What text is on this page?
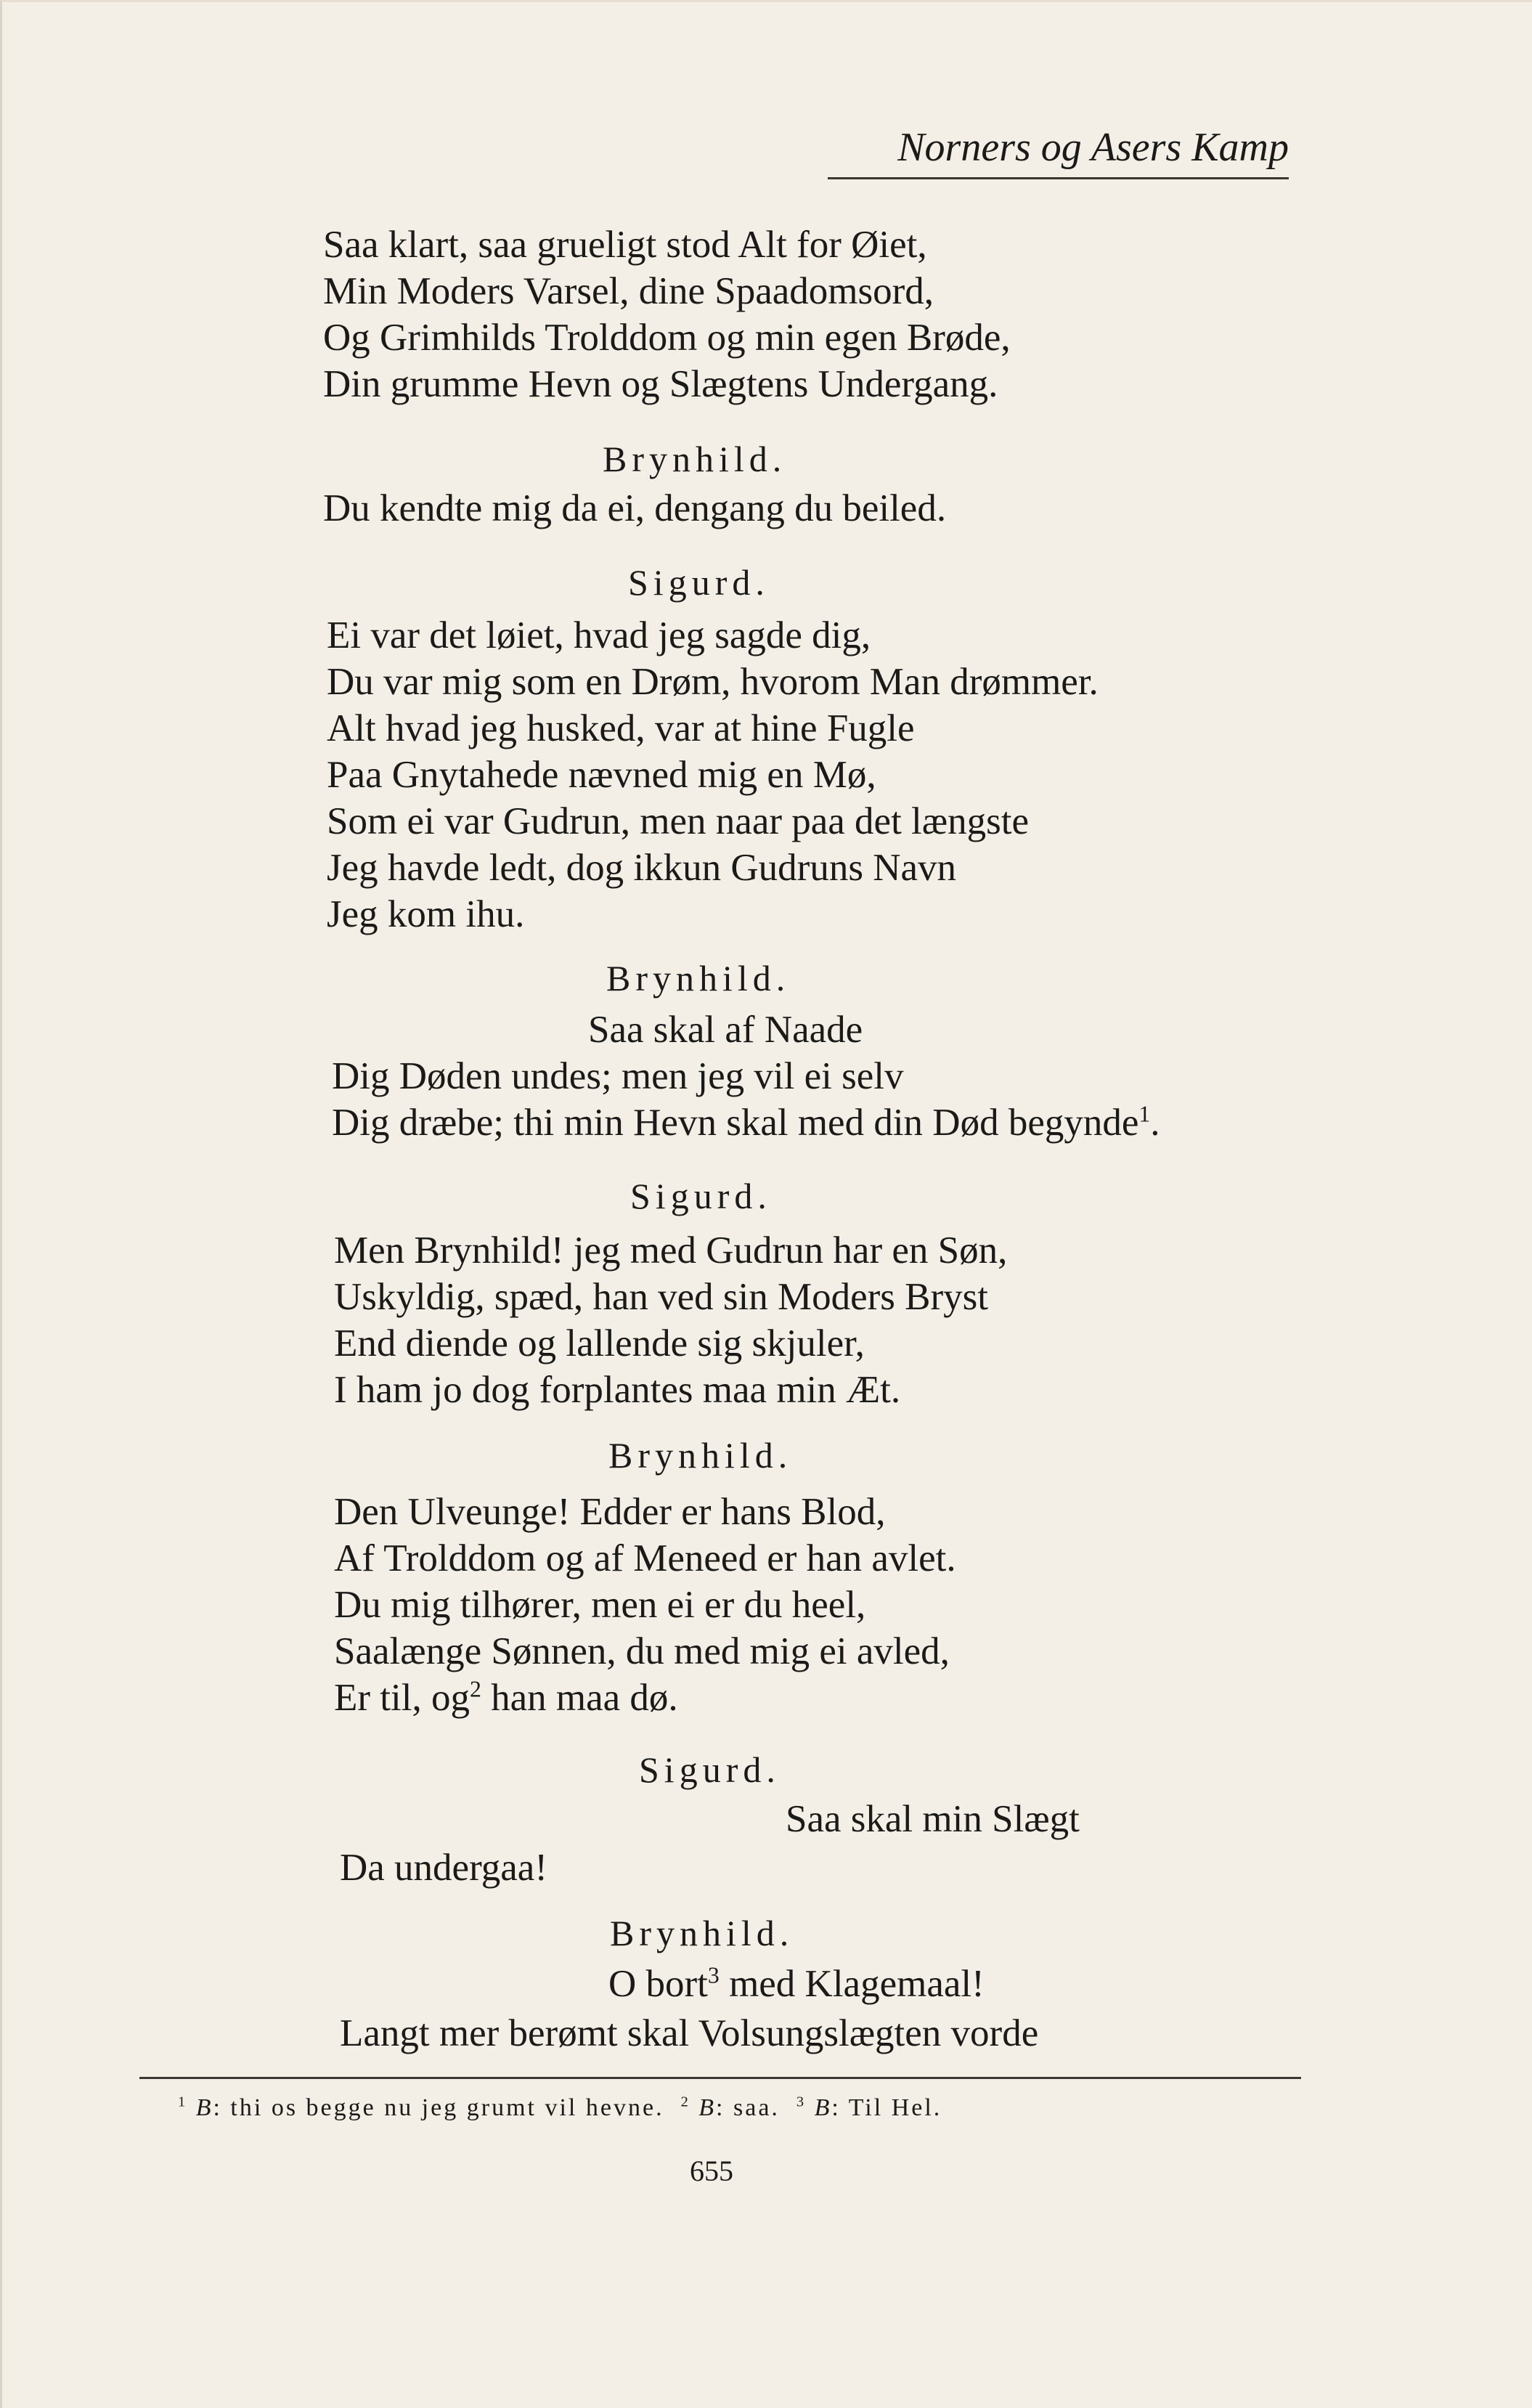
Norners og Asers Kamp
Saa klart, saa grueligt stod Alt for Øiet,
Min Moders Varsel, dine Spaadomsord,
Og Grimhilds Trolddom og min egen Brøde,
Din grumme Hevn og Slægtens Undergang.
Brynhild.
Du kendte mig da ei, dengang du beiled.
Sigurd.
Ei var det løiet, hvad jeg sagde dig,
Du var mig som en Drøm, hvorom Man drømmer.
Alt hvad jeg husked, var at hine Fugle
Paa Gnytahede nævned mig en Mø,
Som ei var Gudrun, men naar paa det længste
Jeg havde ledt, dog ikkun Gudruns Navn
Jeg kom ihu.
Brynhild.
Saa skal af Naade
Dig Døden undes; men jeg vil ei selv
Dig dræbe; thi min Hevn skal med din Død begynde$^1$.
Sigurd.
Men Brynhild! jeg med Gudrun har en Søn,
Uskyldig, spæd, han ved sin Moders Bryst
End diende og lallende sig skjuler,
I ham jo dog forplantes maa min Æt.
Brynhild.
Den Ulveunge! Edder er hans Blod,
Af Trolddom og af Meneed er han avlet.
Du mig tilhører, men ei er du heel,
Saalænge Sønnen, du med mig ei avled,
Er til, $og^2$ han maa dø.
Sigurd.
Saa skal min Slægt
Da undergaa!
Brynhild.
O bort$^3$ med Klagemaal!
Langt mer berømt skal Volsungslægten vorde
$^1$ B: thi os begge nu jeg grumt vil hevne. $^2$ B: saa. $^3$ B: Til Hel.
655
